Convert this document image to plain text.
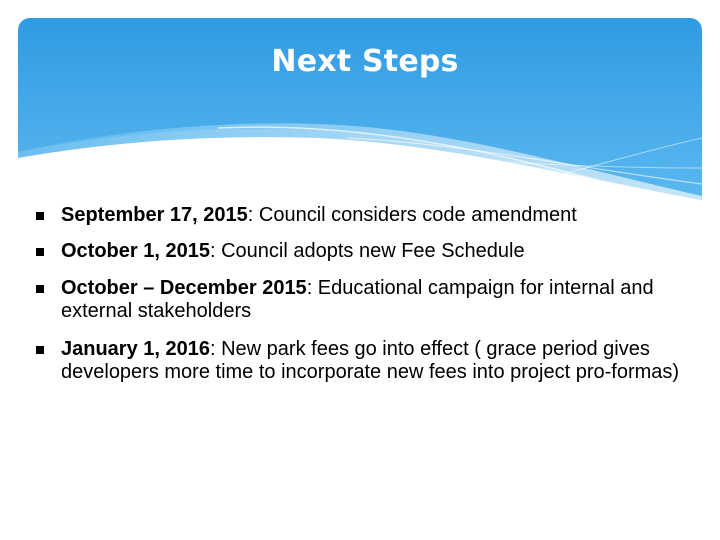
Next Steps
September 17, 2015: Council considers code amendment
October 1, 2015: Council adopts new Fee Schedule
October – December 2015: Educational campaign for internal and external stakeholders
January 1, 2016: New park fees go into effect ( grace period gives developers more time to incorporate new fees into project pro-formas)
